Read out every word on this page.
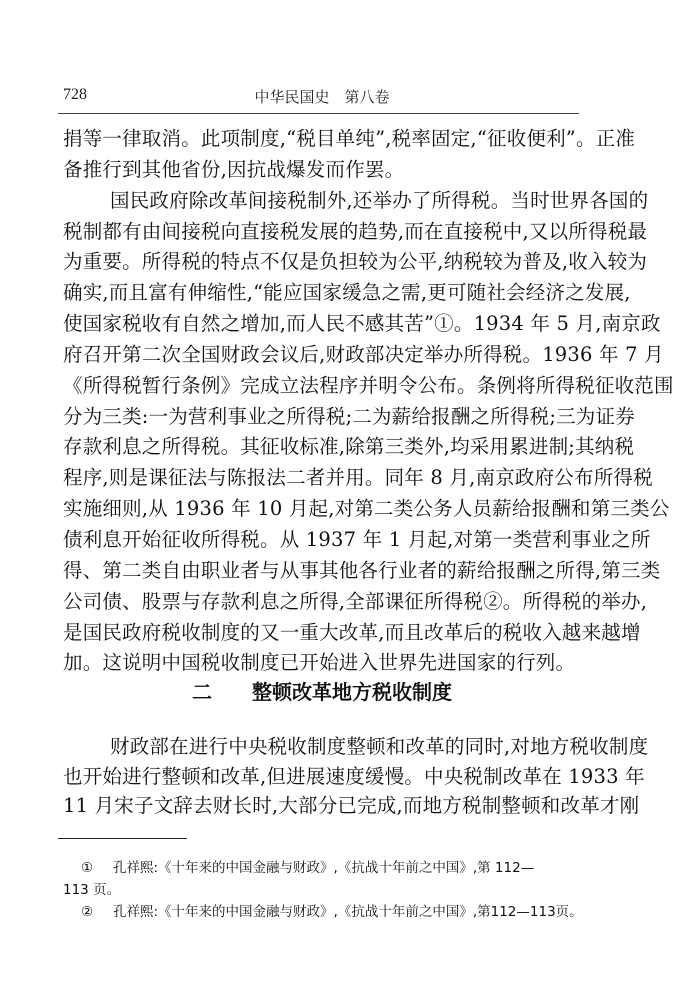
728	中华民国史　第八卷
捐等一律取消。此项制度,“税目单纯”,税率固定,“征收便利”。正准
备推行到其他省份,因抗战爆发而作罢。
国民政府除改革间接税制外,还举办了所得税。当时世界各国的
税制都有由间接税向直接税发展的趋势,而在直接税中,又以所得税最
为重要。所得税的特点不仅是负担较为公平,纳税较为普及,收入较为
确实,而且富有伸缩性,“能应国家缓急之需,更可随社会经济之发展,
使国家税收有自然之增加,而人民不感其苦”①。1934 年 5 月,南京政
府召开第二次全国财政会议后,财政部决定举办所得税。1936 年 7 月
《所得税暂行条例》完成立法程序并明令公布。条例将所得税征收范围
分为三类:一为营利事业之所得税;二为薪给报酬之所得税;三为证券
存款利息之所得税。其征收标准,除第三类外,均采用累进制;其纳税
程序,则是课征法与陈报法二者并用。同年 8 月,南京政府公布所得税
实施细则,从 1936 年 10 月起,对第二类公务人员薪给报酬和第三类公
债利息开始征收所得税。从 1937 年 1 月起,对第一类营利事业之所
得、第二类自由职业者与从事其他各行业者的薪给报酬之所得,第三类
公司债、股票与存款利息之所得,全部课征所得税②。所得税的举办,
是国民政府税收制度的又一重大改革,而且改革后的税收入越来越增
加。这说明中国税收制度已开始进入世界先进国家的行列。
二　　整顿改革地方税收制度
财政部在进行中央税收制度整顿和改革的同时,对地方税收制度
也开始进行整顿和改革,但进展速度缓慢。中央税制改革在 1933 年
11 月宋子文辞去财长时,大部分已完成,而地方税制整顿和改革才刚
① 孔祥熙:《十年来的中国金融与财政》,《抗战十年前之中国》,第 112—
113 页。
② 孔祥熙:《十年来的中国金融与财政》,《抗战十年前之中国》,第112—113页。
